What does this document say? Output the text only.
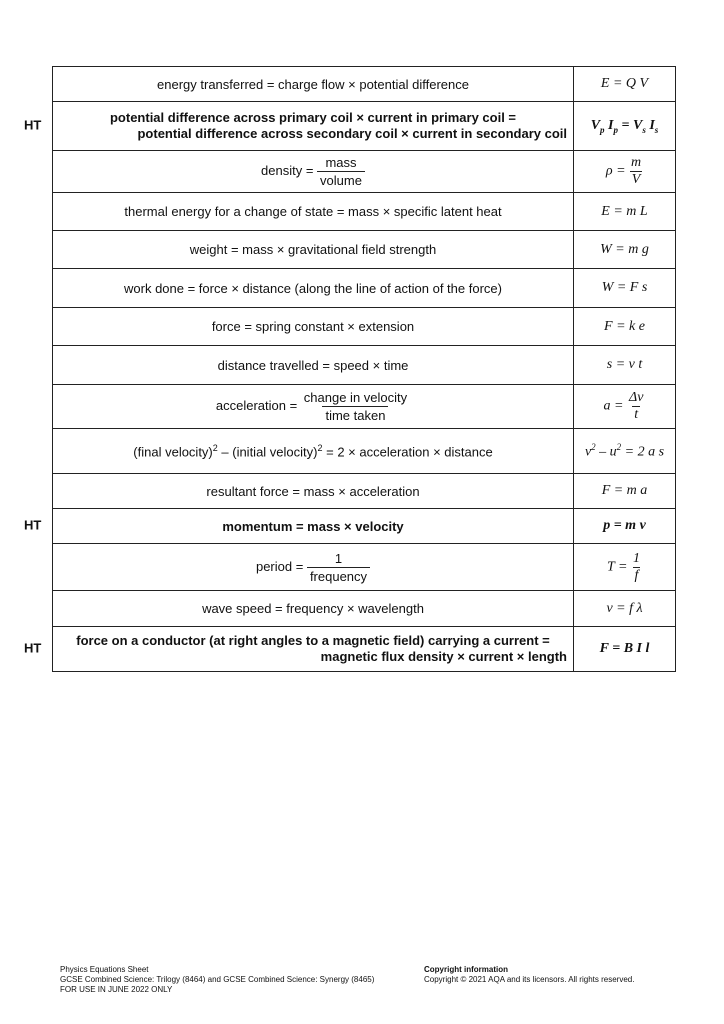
HT
HT
HT
energy transferred = charge flow × potential difference	E = Q V
potential difference across primary coil × current in primary coil =
potential difference across secondary coil × current in secondary coil	$V_p$ $I_p = V_s$ $I_s$
density = $\frac{\text{mass}}{\text{volume}}$	$\rho = \frac{m}{V}$

thermal energy for a change of state = mass × specific latent heat	E = m L
weight = mass × gravitational field strength	W = m g
work done = force × distance (along the line of action of the force)	W = F s
force = spring constant × extension	F = k e
distance travelled = speed × time	s = v t
acceleration = $\frac{\text{change in velocity}}{\text{time taken}}$	$a = \frac{\Delta v}{t}$

(final velocity)$^2$ – (initial velocity)$^2$ = 2 × acceleration × distance	$v^2 - u^2 = 2$ a s
resultant force = mass × acceleration	F = m a
momentum = mass × velocity	p = m v
period = $\frac{1}{\text{frequency}}$	$T = \frac{1}{f}$

wave speed = frequency × wavelength	v = f λ
force on a conductor (at right angles to a magnetic field) carrying a current =
magnetic flux density × current × length	F = B I l
Physics Equations Sheet
GCSE Combined Science: Trilogy (8464) and GCSE Combined Science: Synergy (8465)
FOR USE IN JUNE 2022 ONLY
Copyright information
Copyright © 2021 AQA and its licensors. All rights reserved.
